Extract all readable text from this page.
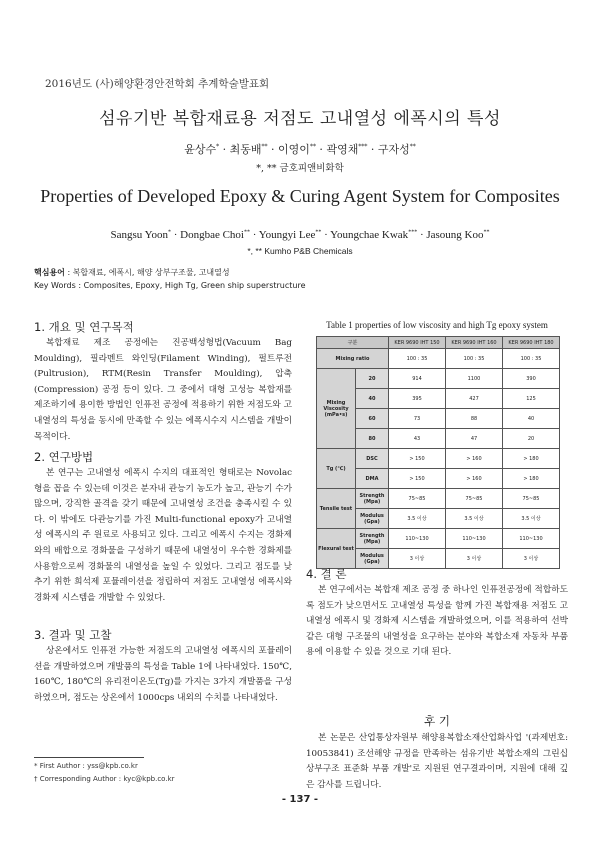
2016년도 (사)해양환경안전학회 추계학술발표회
섬유기반 복합재료용 저점도 고내열성 에폭시의 특성
윤상수* · 최동배** · 이영이** · 곽영채*** · 구자성**
*, ** 금호피앤비화학
Properties of Developed Epoxy & Curing Agent System for Composites
Sangsu Yoon* · Dongbae Choi** · Youngyi Lee** · Youngchae Kwak*** · Jasoung Koo**
*, ** Kumho P&B Chemicals
핵심용어 : 복합재료, 에폭시, 해양 상부구조물, 고내열성
Key Words : Composites, Epoxy, High Tg, Green ship superstructure
1. 개요 및 연구목적

복합재료 제조 공정에는 진공백성형법(Vacuum Bag Moulding), 필라멘트 와인딩(Filament Winding), 펄트루전(Pultrusion), RTM(Resin Transfer Moulding), 압축(Compression) 공정 등이 있다. 그 중에서 대형 고성능 복합재를 제조하기에 용이한 방법인 인퓨전 공정에 적용하기 위한 저점도와 고내열성의 특성을 동시에 만족할 수 있는 에폭시수지 시스템을 개발이 목적이다.

2. 연구방법

본 연구는 고내열성 에폭시 수지의 대표적인 형태로는 Novolac형을 꼽을 수 있는데 이것은 분자내 관능기 농도가 높고, 관능기 수가 많으며, 강직한 골격을 갖기 때문에 고내열성 조건을 충족시킬 수 있다. 이 밖에도 다관능기를 가진 Multi-functional epoxy가 고내열성 에폭시의 주 원료로 사용되고 있다. 그리고 에폭시 수지는 경화제와의 배합으로 경화물을 구성하기 때문에 내열성이 우수한 경화제를 사용함으로써 경화물의 내열성을 높일 수 있었다. 그리고 점도를 낮추기 위한 희석제 포뮬레이션을 정립하여 저점도 고내열성 에폭시와 경화제 시스템을 개발할 수 있었다.

3. 결과 및 고찰

상온에서도 인퓨전 가능한 저점도의 고내열성 에폭시의 포뮬레이션을 개발하였으며 개발품의 특성을 Table 1에 나타내었다. 150℃, 160℃, 180℃의 유리전이온도(Tg)를 가지는 3가지 개발품을 구성하였으며, 점도는 상온에서 1000cps 내외의 수치를 나타내었다.

* First Author : yss@kpb.co.kr
† Corresponding Author : kyc@kpb.co.kr
Table 1 properties of low viscosity and high Tg epoxy system
구분		KER 9690 IHT 150	KER 9690 IHT 160	KER 9690 IHT 180
Mixing ratio		100 : 35	100 : 35	100 : 35
Mixing Viscosity (mPa•s)	20	914	1100	390
	40	395	427	125
	60	73	88	40
	80	43	47	20
Tg (℃)	DSC	> 150	> 160	> 180
	DMA	> 150	> 160	> 180
Tensile test	Strength (Mpa)	75~85	75~85	75~85
	Modulus (Gpa)	3.5 이상	3.5 이상	3.5 이상
Flexural test	Strength (Mpa)	110~130	110~130	110~130
	Modulus (Gpa)	3 이상	3 이상	3 이상
4. 결 론

본 연구에서는 복합재 제조 공정 중 하나인 인퓨전공정에 적합하도록 점도가 낮으면서도 고내열성 특성을 함께 가진 복합재용 저점도 고내열성 에폭시 및 경화제 시스템을 개발하였으며, 이를 적용하여 선박 같은 대형 구조물의 내열성을 요구하는 분야와 복합소재 자동차 부품용에 이용할 수 있을 것으로 기대 된다.

후 기

본 논문은 산업통상자원부 해양용복합소재산업화사업 '(과제번호: 10053841) 조선해양 규정을 만족하는 섬유기반 복합소재의 그린십 상부구조 표준화 부품 개발'로 지원된 연구결과이며, 지원에 대해 깊은 감사를 드립니다.

- 137 -
